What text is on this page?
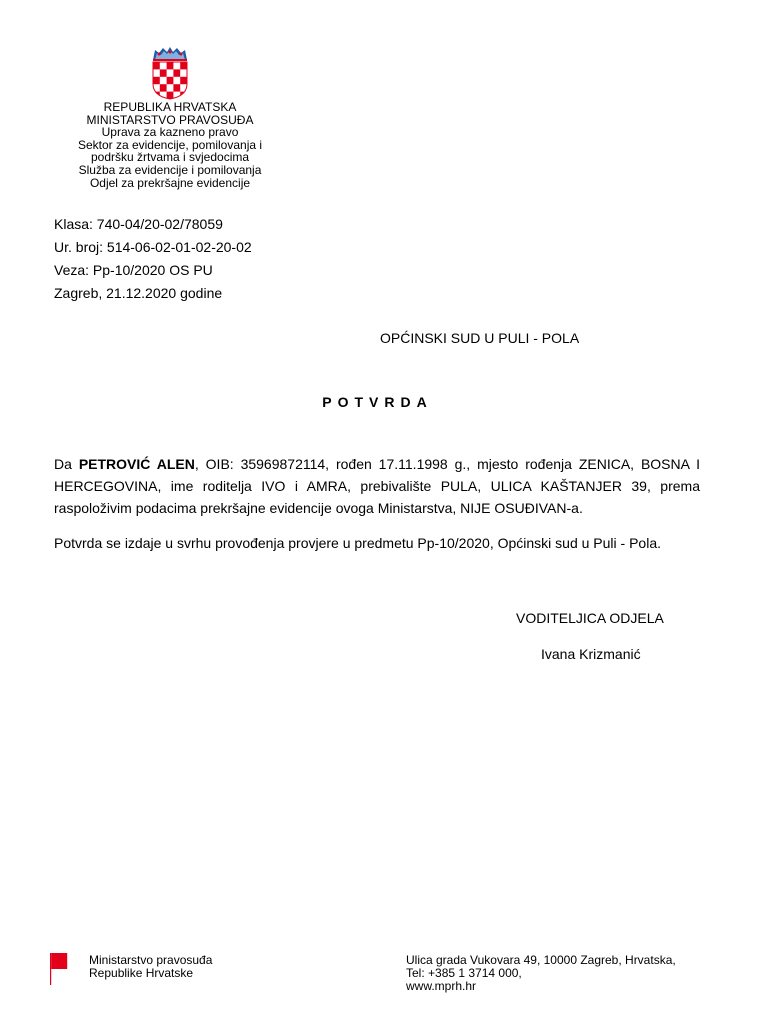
REPUBLIKA HRVATSKA
MINISTARSTVO PRAVOSUĐA
Uprava za kazneno pravo
Sektor za evidencije, pomilovanja i
podršku žrtvama i svjedocima
Služba za evidencije i pomilovanja
Odjel za prekršajne evidencije
Klasa: 740-04/20-02/78059
Ur. broj: 514-06-02-01-02-20-02
Veza: Pp-10/2020 OS PU
Zagreb, 21.12.2020 godine
OPĆINSKI SUD U PULI - POLA
POTVRDA
Da PETROVIĆ ALEN, OIB: 35969872114, rođen 17.11.1998 g., mjesto rođenja ZENICA, BOSNA I HERCEGOVINA, ime roditelja IVO i AMRA, prebivalište PULA, ULICA KAŠTANJER 39, prema raspoloživim podacima prekršajne evidencije ovoga Ministarstva, NIJE OSUĐIVAN-a.
Potvrda se izdaje u svrhu provođenja provjere u predmetu Pp-10/2020, Općinski sud u Puli - Pola.
VODITELJICA ODJELA
Ivana Krizmanić
Ministarstvo pravosuđa
Republike Hrvatske
Ulica grada Vukovara 49, 10000 Zagreb, Hrvatska,
Tel: +385 1 3714 000,
www.mprh.hr
